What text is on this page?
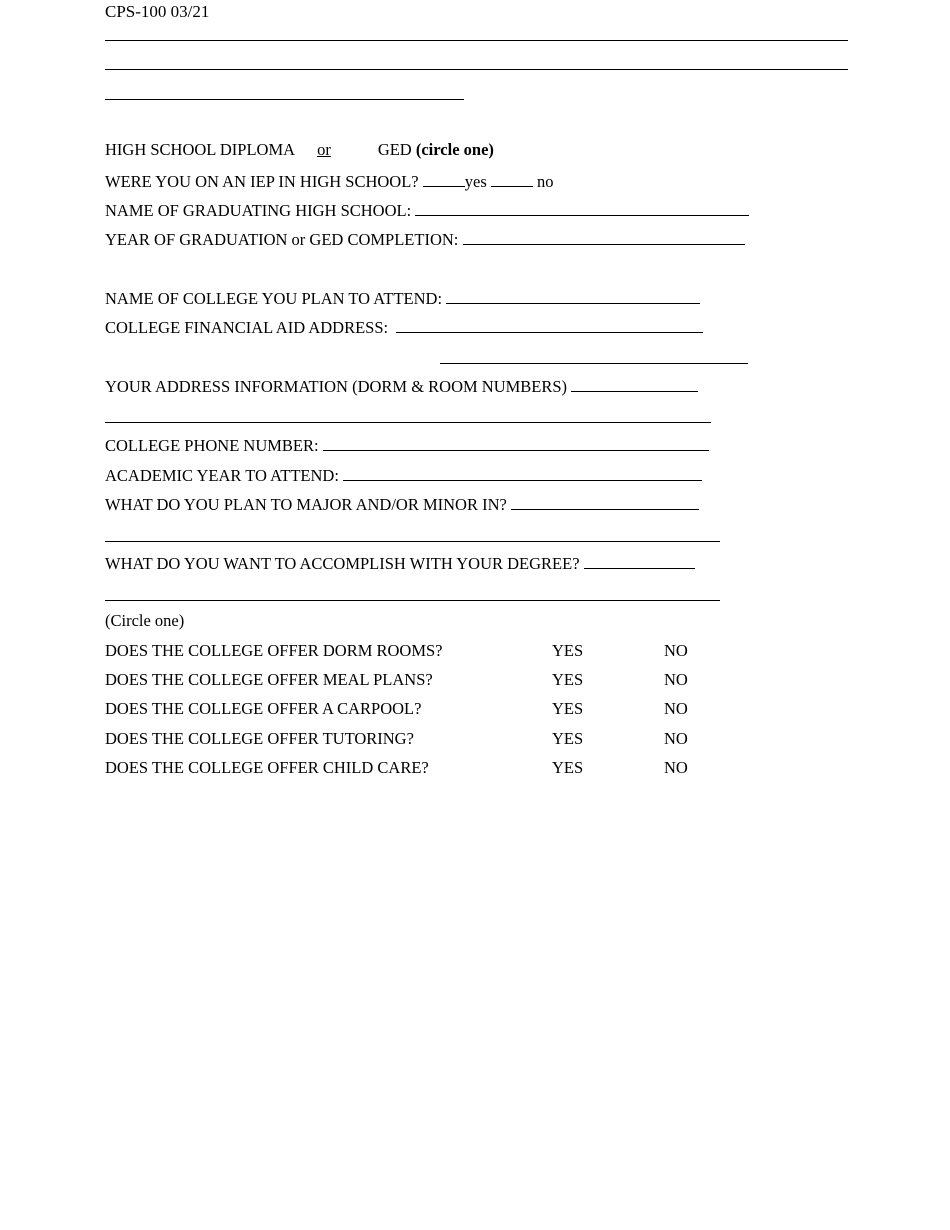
CPS-100 03/21
HIGH SCHOOL DIPLOMA or	GED (circle one)
WERE YOU ON AN IEP IN HIGH SCHOOL?	yes	no
NAME OF GRADUATING HIGH SCHOOL:
YEAR OF GRADUATION or GED COMPLETION:
NAME OF COLLEGE YOU PLAN TO ATTEND:
COLLEGE FINANCIAL AID ADDRESS:
YOUR ADDRESS INFORMATION (DORM & ROOM NUMBERS)
COLLEGE PHONE NUMBER:
ACADEMIC YEAR TO ATTEND:
WHAT DO YOU PLAN TO MAJOR AND/OR MINOR IN?
WHAT DO YOU WANT TO ACCOMPLISH WITH YOUR DEGREE?
(Circle one)
DOES THE COLLEGE OFFER DORM ROOMS?	YES	NO
DOES THE COLLEGE OFFER MEAL PLANS?	YES	NO
DOES THE COLLEGE OFFER A CARPOOL?	YES	NO
DOES THE COLLEGE OFFER TUTORING?	YES	NO
DOES THE COLLEGE OFFER CHILD CARE?	YES	NO
